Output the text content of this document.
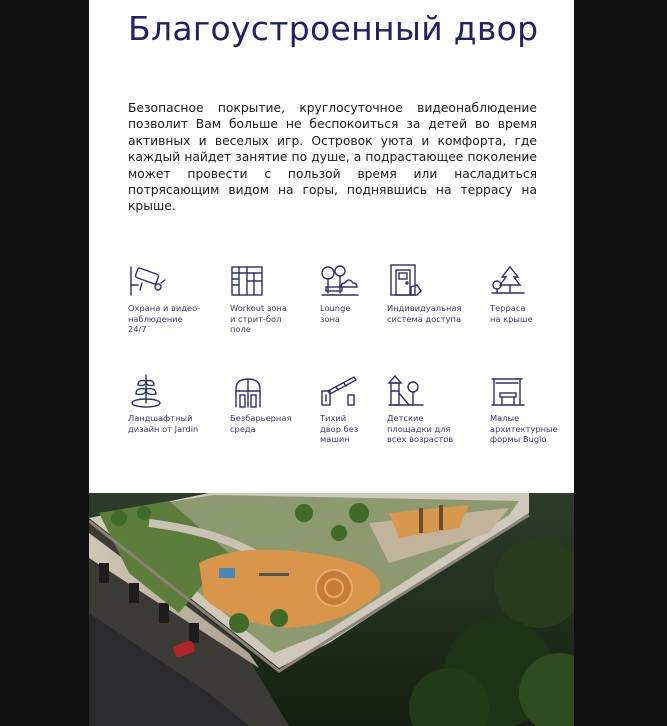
Благоустроенный двор

Безопасное покрытие, круглосуточное видеонаблюдение позволит Вам больше не беспокоиться за детей во время активных и веселых игр. Островок уюта и комфорта, где каждый найдет занятие по душе, а подрастающее поколение может провести с пользой время или насладиться потрясающим видом на горы, поднявшись на террасу на крыше.

Охрана и видео-
наблюдение
24/7
Workout зона
и стрит-бол
поле
Lounge
зона
Индивидуальная
система доступа
Терраса
на крыше
Ландшафтный
дизайн от Jardin
Безбарьерная
среда
Тихий
двор без
машин
Детские
площадки для
всех возрастов
Малые
архитектурные
формы Buglo
